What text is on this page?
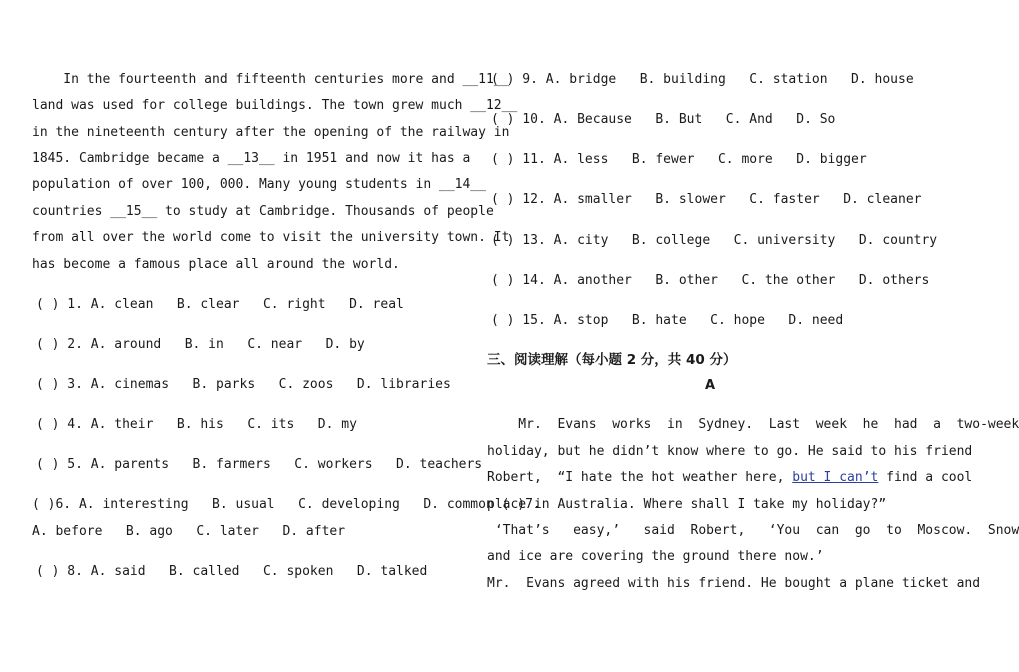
In the fourteenth and fifteenth centuries more and __11__
land was used for college buildings. The town grew much __12__
in the nineteenth century after the opening of the railway in
1845. Cambridge became a __13__ in 1951 and now it has a
population of over 100, 000. Many young students in __14__
countries __15__ to study at Cambridge. Thousands of people
from all over the world come to visit the university town. It
has become a famous place all around the world.
( ) 1. A. clean   B. clear   C. right   D. real
( ) 2. A. around   B. in   C. near   D. by
( ) 3. A. cinemas   B. parks   C. zoos   D. libraries
( ) 4. A. their   B. his   C. its   D. my
( ) 5. A. parents   B. farmers   C. workers   D. teachers
( )6. A. interesting   B. usual   C. developing   D. common ( )7.
A. before   B. ago   C. later   D. after
( ) 8. A. said   B. called   C. spoken   D. talked
( ) 9. A. bridge   B. building   C. station   D. house
( ) 10. A. Because   B. But   C. And   D. So
( ) 11. A. less   B. fewer   C. more   D. bigger
( ) 12. A. smaller   B. slower   C. faster   D. cleaner
( ) 13. A. city   B. college   C. university   D. country
( ) 14. A. another   B. other   C. the other   D. others
( ) 15. A. stop   B. hate   C. hope   D. need
三、阅读理解（每小题 2 分，共 40 分）
A
Mr.  Evans  works  in  Sydney.  Last  week  he  had  a  two-week
holiday, but he didn’t know where to go. He said to his friend
Robert,  “I hate the hot weather here, but I can’t find a cool
place in Australia. Where shall I take my holiday?”
‘That’s   easy,’   said  Robert,   ‘You  can  go  to  Moscow.  Snow
and ice are covering the ground there now.’
Mr.  Evans agreed with his friend. He bought a plane ticket and
